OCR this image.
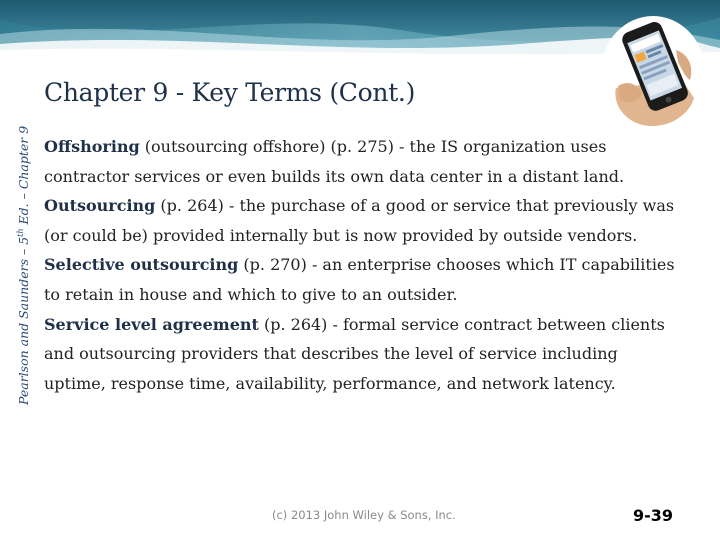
Chapter 9 - Key Terms (Cont.)
Pearlson and Saunders – 5th Ed. – Chapter 9 Offshoring (outsourcing offshore) (p. 275) - the IS organization uses contractor services or even builds its own data center in a distant land.

Outsourcing (p. 264) - the purchase of a good or service that previously was (or could be) provided internally but is now provided by outside vendors.

Selective outsourcing (p. 270) - an enterprise chooses which IT capabilities to retain in house and which to give to an outsider.

Service level agreement (p. 264) - formal service contract between clients and outsourcing providers that describes the level of service including uptime, response time, availability, performance, and network latency.

(c) 2013 John Wiley & Sons, Inc.	9-39
